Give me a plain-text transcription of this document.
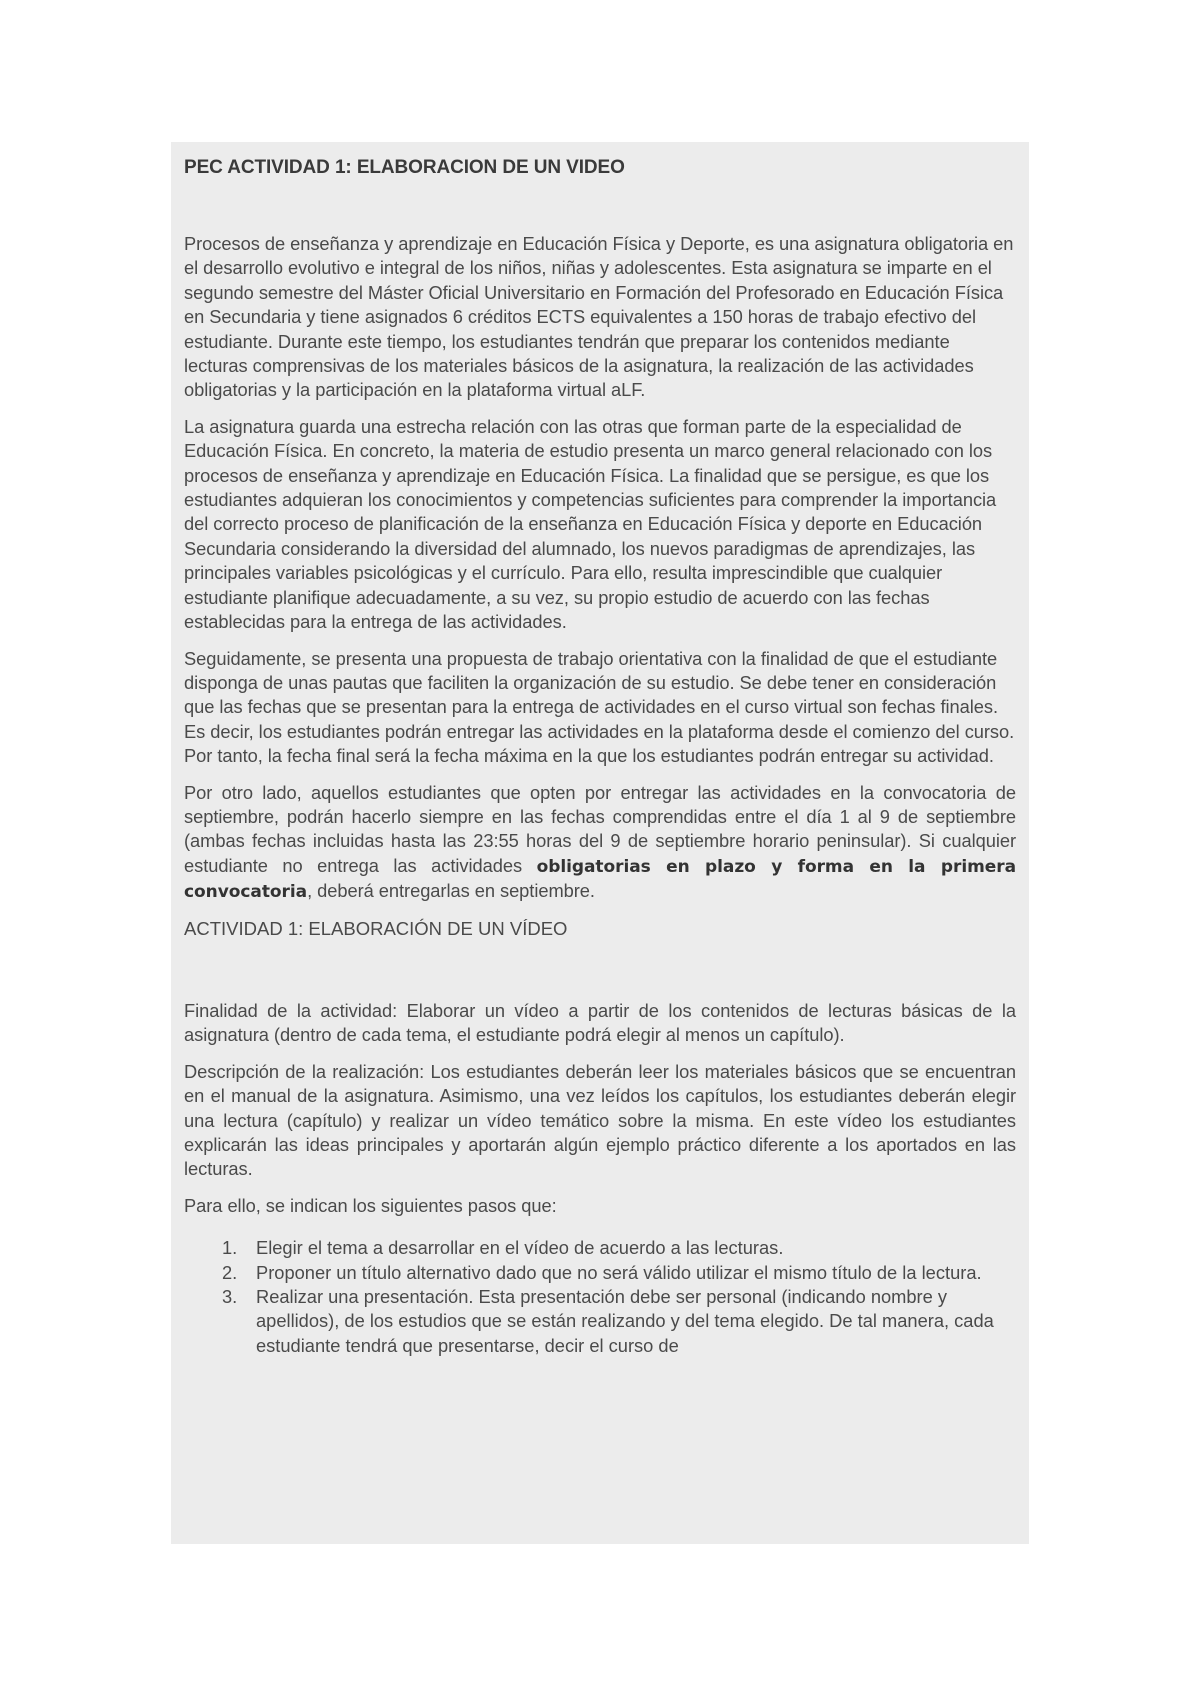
PEC ACTIVIDAD 1: ELABORACION DE UN VIDEO

Procesos de enseñanza y aprendizaje en Educación Física y Deporte, es una asignatura obligatoria en el desarrollo evolutivo e integral de los niños, niñas y adolescentes. Esta asignatura se imparte en el segundo semestre del Máster Oficial Universitario en Formación del Profesorado en Educación Física en Secundaria y tiene asignados 6 créditos ECTS equivalentes a 150 horas de trabajo efectivo del estudiante. Durante este tiempo, los estudiantes tendrán que preparar los contenidos mediante lecturas comprensivas de los materiales básicos de la asignatura, la realización de las actividades obligatorias y la participación en la plataforma virtual aLF.

La asignatura guarda una estrecha relación con las otras que forman parte de la especialidad de Educación Física. En concreto, la materia de estudio presenta un marco general relacionado con los procesos de enseñanza y aprendizaje en Educación Física. La finalidad que se persigue, es que los estudiantes adquieran los conocimientos y competencias suficientes para comprender la importancia del correcto proceso de planificación de la enseñanza en Educación Física y deporte en Educación Secundaria considerando la diversidad del alumnado, los nuevos paradigmas de aprendizajes, las principales variables psicológicas y el currículo. Para ello, resulta imprescindible que cualquier estudiante planifique adecuadamente, a su vez, su propio estudio de acuerdo con las fechas establecidas para la entrega de las actividades.

Seguidamente, se presenta una propuesta de trabajo orientativa con la finalidad de que el estudiante disponga de unas pautas que faciliten la organización de su estudio. Se debe tener en consideración que las fechas que se presentan para la entrega de actividades en el curso virtual son fechas finales. Es decir, los estudiantes podrán entregar las actividades en la plataforma desde el comienzo del curso. Por tanto, la fecha final será la fecha máxima en la que los estudiantes podrán entregar su actividad.

Por otro lado, aquellos estudiantes que opten por entregar las actividades en la convocatoria de septiembre, podrán hacerlo siempre en las fechas comprendidas entre el día 1 al 9 de septiembre (ambas fechas incluidas hasta las 23:55 horas del 9 de septiembre horario peninsular). Si cualquier estudiante no entrega las actividades obligatorias en plazo y forma en la primera convocatoria, deberá entregarlas en septiembre.

ACTIVIDAD 1: ELABORACIÓN DE UN VÍDEO

Finalidad de la actividad: Elaborar un vídeo a partir de los contenidos de lecturas básicas de la asignatura (dentro de cada tema, el estudiante podrá elegir al menos un capítulo).

Descripción de la realización: Los estudiantes deberán leer los materiales básicos que se encuentran en el manual de la asignatura. Asimismo, una vez leídos los capítulos, los estudiantes deberán elegir una lectura (capítulo) y realizar un vídeo temático sobre la misma. En este vídeo los estudiantes explicarán las ideas principales y aportarán algún ejemplo práctico diferente a los aportados en las lecturas.

Para ello, se indican los siguientes pasos que:

1.	Elegir el tema a desarrollar en el vídeo de acuerdo a las lecturas.
2.	Proponer un título alternativo dado que no será válido utilizar el mismo título de la lectura.
3.	Realizar una presentación. Esta presentación debe ser personal (indicando nombre y apellidos), de los estudios que se están realizando y del tema elegido. De tal manera, cada estudiante tendrá que presentarse, decir el curso de
